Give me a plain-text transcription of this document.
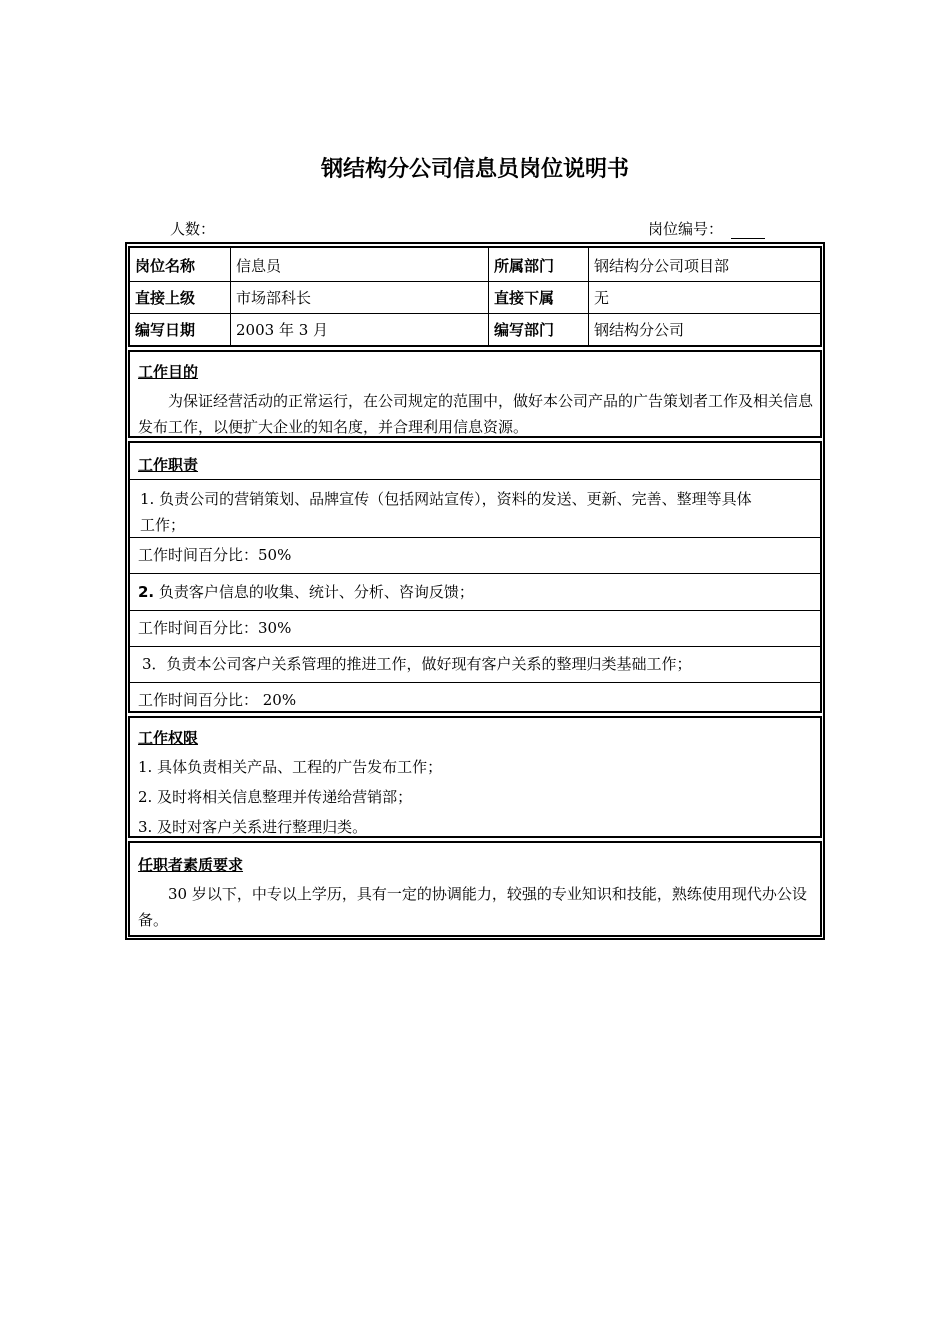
钢结构分公司信息员岗位说明书
人数：	岗位编号：
岗位名称	信息员	所属部门	钢结构分公司项目部
直接上级	市场部科长	直接下属	无
编写日期	2003 年 3 月	编写部门	钢结构分公司
工作目的
为保证经营活动的正常运行，在公司规定的范围中，做好本公司产品的广告策划者工作及相关信息发布工作，以便扩大企业的知名度，并合理利用信息资源。
工作职责
1. 负责公司的营销策划、品牌宣传（包括网站宣传），资料的发送、更新、完善、整理等具体
工作；
工作时间百分比：50%
2. 负责客户信息的收集、统计、分析、咨询反馈；
工作时间百分比：30%
3．负责本公司客户关系管理的推进工作，做好现有客户关系的整理归类基础工作；
工作时间百分比： 20%
工作权限
1. 具体负责相关产品、工程的广告发布工作；
2. 及时将相关信息整理并传递给营销部；
3. 及时对客户关系进行整理归类。
任职者素质要求
30 岁以下，中专以上学历，具有一定的协调能力，较强的专业知识和技能，熟练使用现代办公设备。
